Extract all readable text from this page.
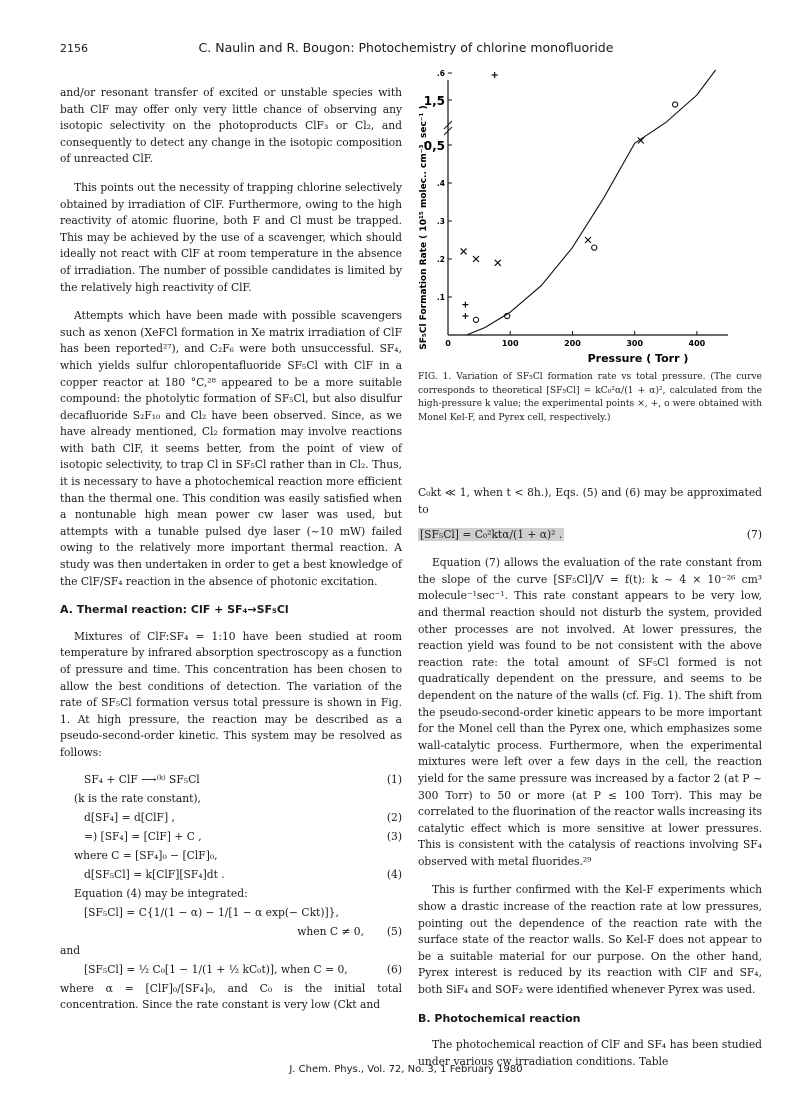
2156	C. Naulin and R. Bougon: Photochemistry of chlorine monofluoride

and/or resonant transfer of excited or unstable species with bath ClF may offer only very little chance of observing any isotopic selectivity on the photoproducts ClF₃ or Cl₂, and consequently to detect any change in the isotopic composition of unreacted ClF.

This points out the necessity of trapping chlorine selectively obtained by irradiation of ClF. Furthermore, owing to the high reactivity of atomic fluorine, both F and Cl must be trapped. This may be achieved by the use of a scavenger, which should ideally not react with ClF at room temperature in the absence of irradiation. The number of possible candidates is limited by the relatively high reactivity of ClF.

Attempts which have been made with possible scavengers such as xenon (XeFCl formation in Xe matrix irradiation of ClF has been reported²⁷), and C₂F₆ were both unsuccessful. SF₄, which yields sulfur chloropentafluoride SF₅Cl with ClF in a copper reactor at 180 °C,²⁸ appeared to be a more suitable compound: the photolytic formation of SF₅Cl, but also disulfur decafluoride S₂F₁₀ and Cl₂ have been observed. Since, as we have already mentioned, Cl₂ formation may involve reactions with bath ClF, it seems better, from the point of view of isotopic selectivity, to trap Cl in SF₅Cl rather than in Cl₂. Thus, it is necessary to have a photochemical reaction more efficient than the thermal one. This condition was easily satisfied when a nontunable high mean power cw laser was used, but attempts with a tunable pulsed dye laser (~10 mW) failed owing to the relatively more important thermal reaction. A study was then undertaken in order to get a best knowledge of the ClF/SF₄ reaction in the absence of photonic excitation.

A. Thermal reaction: ClF + SF₄→SF₅Cl

Mixtures of ClF:SF₄ = 1:10 have been studied at room temperature by infrared absorption spectroscopy as a function of pressure and time. This concentration has been chosen to allow the best conditions of detection. The variation of the rate of SF₅Cl formation versus total pressure is shown in Fig. 1. At high pressure, the reaction may be described as a pseudo-second-order kinetic. This system may be resolved as follows:

SF₄ + ClF ⟶⁽ᵏ⁾ SF₅Cl	(1)
(k is the rate constant),
d[SF₄] = d[ClF] ,	(2)
=) [SF₄] = [ClF] + C ,	(3)
where C = [SF₄]₀ − [ClF]₀,
d[SF₅Cl] = k[ClF][SF₄]dt .	(4)
Equation (4) may be integrated:
[SF₅Cl] = C{1/(1 − α) − 1/[1 − α exp(− Ckt)]},
when C ≠ 0, (5)
and
[SF₅Cl] = ½ C₀[1 − 1/(1 + ½ kC₀t)], when C = 0,	(6)

where α = [ClF]₀/[SF₄]₀, and C₀ is the initial total concentration. Since the rate constant is very low (Ckt and

0	100	200	300	400
.1
.2
.3
.4
0,5
1,5
.6
Pressure ( Torr )
SF₅Cl Formation Rate ( 10¹⁵ molec.. cm⁻³. sec⁻¹ )
FIG. 1. Variation of SF₅Cl formation rate vs total pressure. (The curve corresponds to theoretical [SF₅Cl] = kC₀²α/(1 + α)², calculated from the high-pressure k value; the experimental points ×, +, o were obtained with Monel Kel-F, and Pyrex cell, respectively.)

C₀kt ≪ 1, when t < 8h.), Eqs. (5) and (6) may be approximated to

[SF₅Cl] = C₀²ktα/(1 + α)² .	(7)

Equation (7) allows the evaluation of the rate constant from the slope of the curve [SF₅Cl]/V = f(t): k ~ 4 × 10⁻²⁶ cm³ molecule⁻¹sec⁻¹. This rate constant appears to be very low, and thermal reaction should not disturb the system, provided other processes are not involved. At lower pressures, the reaction yield was found to be not consistent with the above reaction rate: the total amount of SF₅Cl formed is not quadratically dependent on the pressure, and seems to be dependent on the nature of the walls (cf. Fig. 1). The shift from the pseudo-second-order kinetic appears to be more important for the Monel cell than the Pyrex one, which emphasizes some wall-catalytic process. Furthermore, when the experimental mixtures were left over a few days in the cell, the reaction yield for the same pressure was increased by a factor 2 (at P ~ 300 Torr) to 50 or more (at P ≤ 100 Torr). This may be correlated to the fluorination of the reactor walls increasing its catalytic effect which is more sensitive at lower pressures. This is consistent with the catalysis of reactions involving SF₄ observed with metal fluorides.²⁹

This is further confirmed with the Kel-F experiments which show a drastic increase of the reaction rate at low pressures, pointing out the dependence of the reaction rate with the surface state of the reactor walls. So Kel-F does not appear to be a suitable material for our purpose. On the other hand, Pyrex interest is reduced by its reaction with ClF and SF₄, both SiF₄ and SOF₂ were identified whenever Pyrex was used.

B. Photochemical reaction

The photochemical reaction of ClF and SF₄ has been studied under various cw irradiation conditions. Table

J. Chem. Phys., Vol. 72, No. 3, 1 February 1980
